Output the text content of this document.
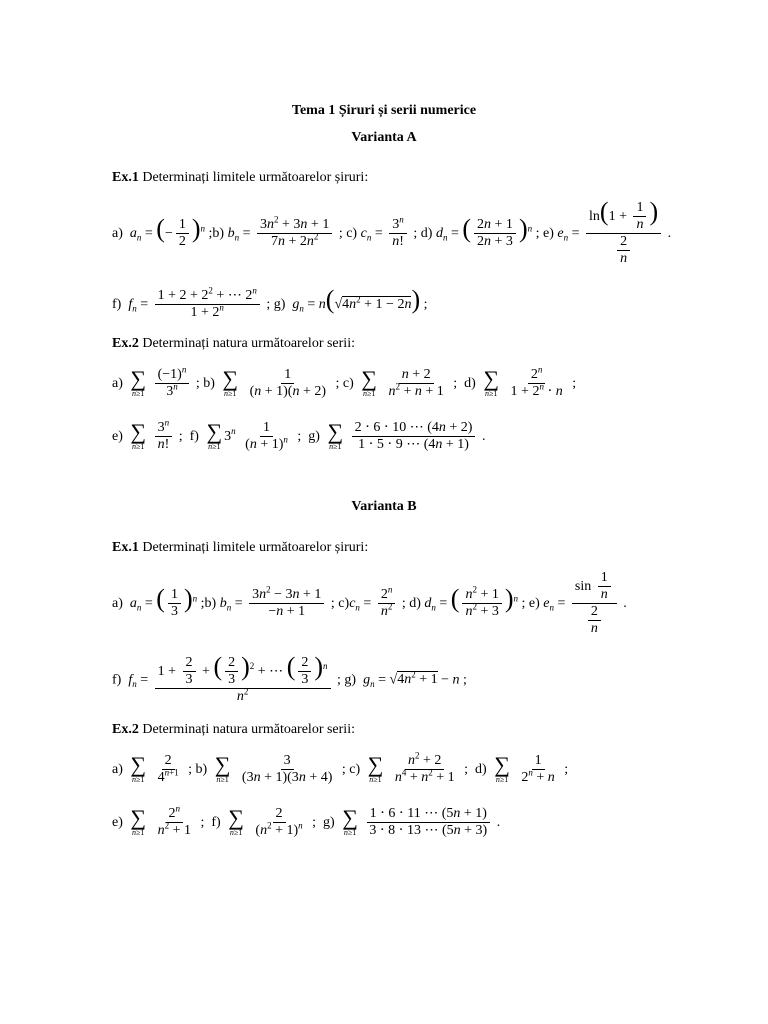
Tema 1 Șiruri și serii numerice
Varianta A
Ex.1 Determinați limitele următoarelor șiruri:
a)  $a_n$ = (− $\frac{1}{2} )^n$ ;b) $b_n = \frac{3n^2 + 3n + 1}{7n + 2n^2}$ ; c) $c_n = \frac{3^n}{n!}$ ; d) $d_n$ = ( $\frac{2n + 1}{2n + 3} )^n$ ; e) $e_n = \frac{\ln(1 + \frac{1}{n} )}{\frac{2}{n}}$ .
f)  $f_n = \frac{1 + 2 + 2^2 + \cdots 2^n}{1 + 2^n}$ ; g)  $g_n = n(√4n^2 + 1 - 2n)$ ;
Ex.2 Determinați natura următoarelor serii:
a) ∑
n≥1
$\frac{(-1)^n}{3^n}$ ; b) ∑
n≥1
$\frac{1}{(n + 1)(n + 2)}$ ; c) ∑
n≥1
$\frac{n + 2}{n^2 + n + 1}$ ;  d) ∑
n≥1
$\frac{2^n}{1 + 2^n \cdot n}$ ;
e) ∑
n≥1
$\frac{3^n}{n!}$ ;  f) ∑
n≥1
$3^n \frac{1}{(n + 1)^n}$ ;  g) ∑
n≥1
$\frac{2 \cdot 6 \cdot 10 \cdots (4n + 2)}{1 \cdot 5 \cdot 9 \cdots (4n + 1)}$ .
Varianta B
Ex.1 Determinați limitele următoarelor șiruri:
a)  $a_n$ = ( $\frac{1}{3} )^n$ ;b) $b_n = \frac{3n^2 - 3n + 1}{-n + 1}$ ; $c)c_n = \frac{2^n}{n^2}$ ; d) $d_n$ = ( $\frac{n^2 + 1}{n^2 + 3} )^n$ ; e) $e_n = \frac{\sin \frac{1}{n}}{\frac{2}{n}}$ .
f)  $f_n = \frac{1 + \frac{2}{3} + ( \frac{2}{3} )^2 + \cdots ( \frac{2}{3} )^n}{n^2}$ ; g)  $g_n = √4n^2 + 1 - n$ ;
Ex.2 Determinați natura următoarelor serii:
a) ∑
n≥1
$\frac{2}{4^{n+1}}$ ; b) ∑
n≥1
$\frac{3}{(3n + 1)(3n + 4)}$ ; c) ∑
n≥1
$\frac{n^2 + 2}{n^4 + n^2 + 1}$ ;  d) ∑
n≥1
$\frac{1}{2^n + n}$ ;
e) ∑
n≥1
$\frac{2^n}{n^2 + 1}$ ;  f) ∑
n≥1
$\frac{2}{(n^2 + 1)^n}$ ;  g) ∑
n≥1
$\frac{1 \cdot 6 \cdot 11 \cdots (5n + 1)}{3 \cdot 8 \cdot 13 \cdots (5n + 3)}$ .
